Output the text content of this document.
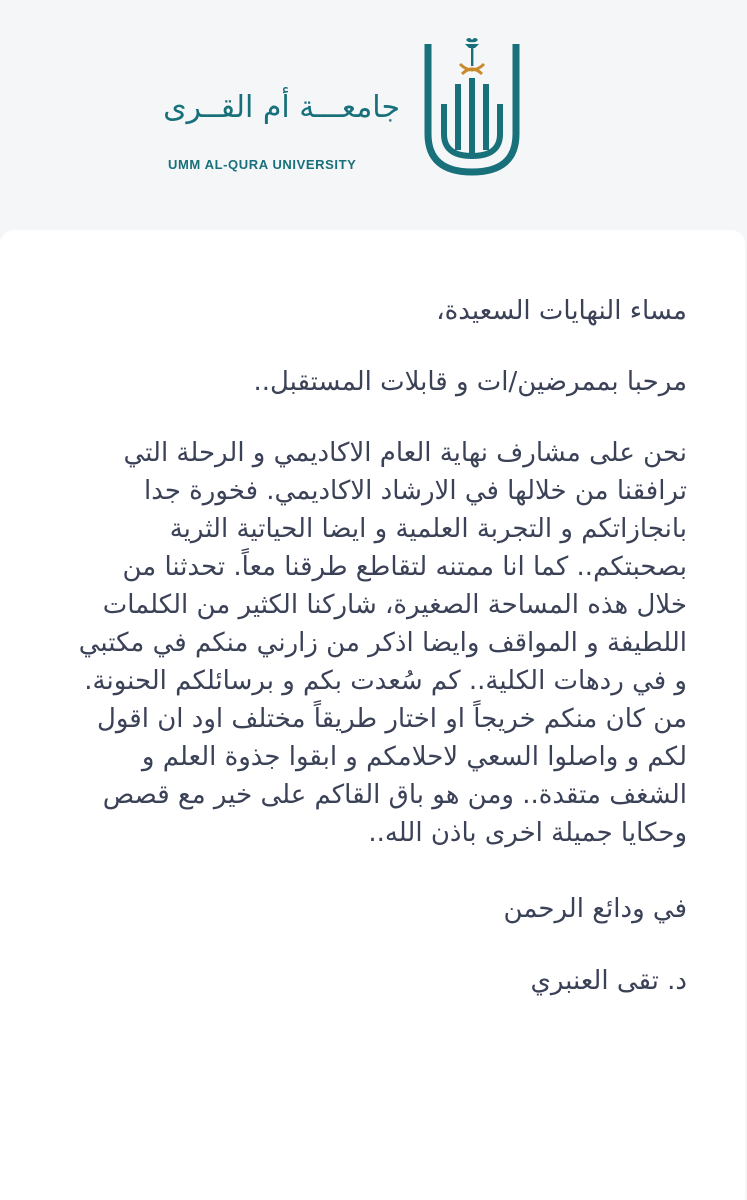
جامعـــة أم القــرى
UMM AL-QURA UNIVERSITY

مساء النهايات السعيدة،

مرحبا بممرضين/ات و قابلات المستقبل..

نحن على مشارف نهاية العام الاكاديمي و الرحلة التي ترافقنا من خلالها في الارشاد الاكاديمي. فخورة جدا بانجازاتكم و التجربة العلمية و ايضا الحياتية الثرية بصحبتكم.. كما انا ممتنه لتقاطع طرقنا معاً. تحدثنا من خلال هذه المساحة الصغيرة، شاركنا الكثير من الكلمات اللطيفة و المواقف وايضا اذكر من زارني منكم في مكتبي و في ردهات الكلية.. كم سُعدت بكم و برسائلكم الحنونة. من كان منكم خريجاً او اختار طريقاً مختلف اود ان اقول لكم و واصلوا السعي لاحلامكم و ابقوا جذوة العلم و الشغف متقدة.. ومن هو باق القاكم على خير مع قصص وحكايا جميلة اخرى باذن الله..

في ودائع الرحمن

د. تقى العنبري
